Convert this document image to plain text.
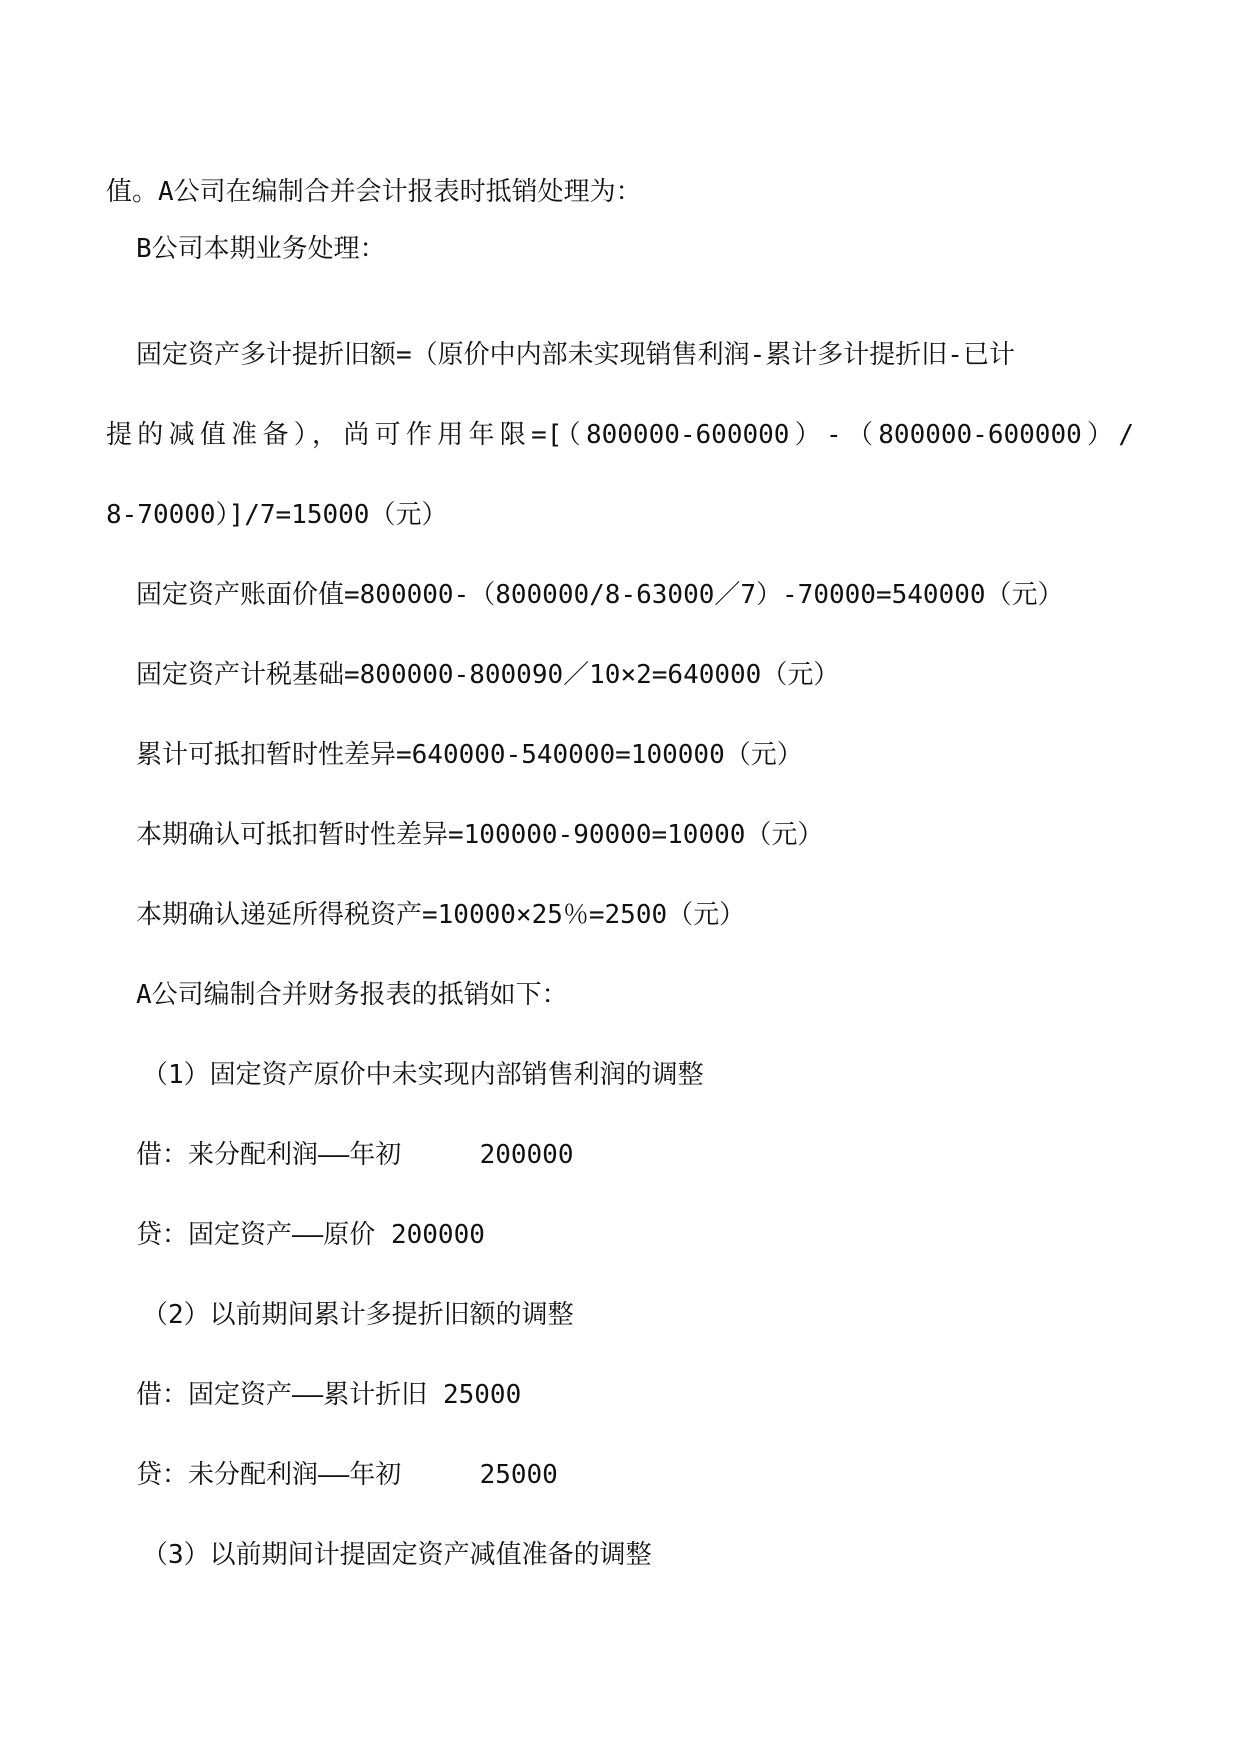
值。A公司在编制合并会计报表时抵销处理为：
B公司本期业务处理：
固定资产多计提折旧额=（原价中内部未实现销售利润-累计多计提折旧-已计
提的减值准备），尚可作用年限=[（800000-600000）-（800000-600000）/
8-70000）]/7=15000（元）
固定资产账面价值=800000-（800000/8-63000／7）-70000=540000（元）
固定资产计税基础=800000-800090／10×2=640000（元）
累计可抵扣暂时性差异=640000-540000=100000（元）
本期确认可抵扣暂时性差异=100000-90000=10000（元）
本期确认递延所得税资产=10000×25％=2500（元）
A公司编制合并财务报表的抵销如下：
（1）固定资产原价中未实现内部销售利润的调整
借：来分配利润——年初     200000
贷：固定资产——原价 200000
（2）以前期间累计多提折旧额的调整
借：固定资产——累计折旧 25000
贷：未分配利润——年初     25000
（3）以前期间计提固定资产减值准备的调整
